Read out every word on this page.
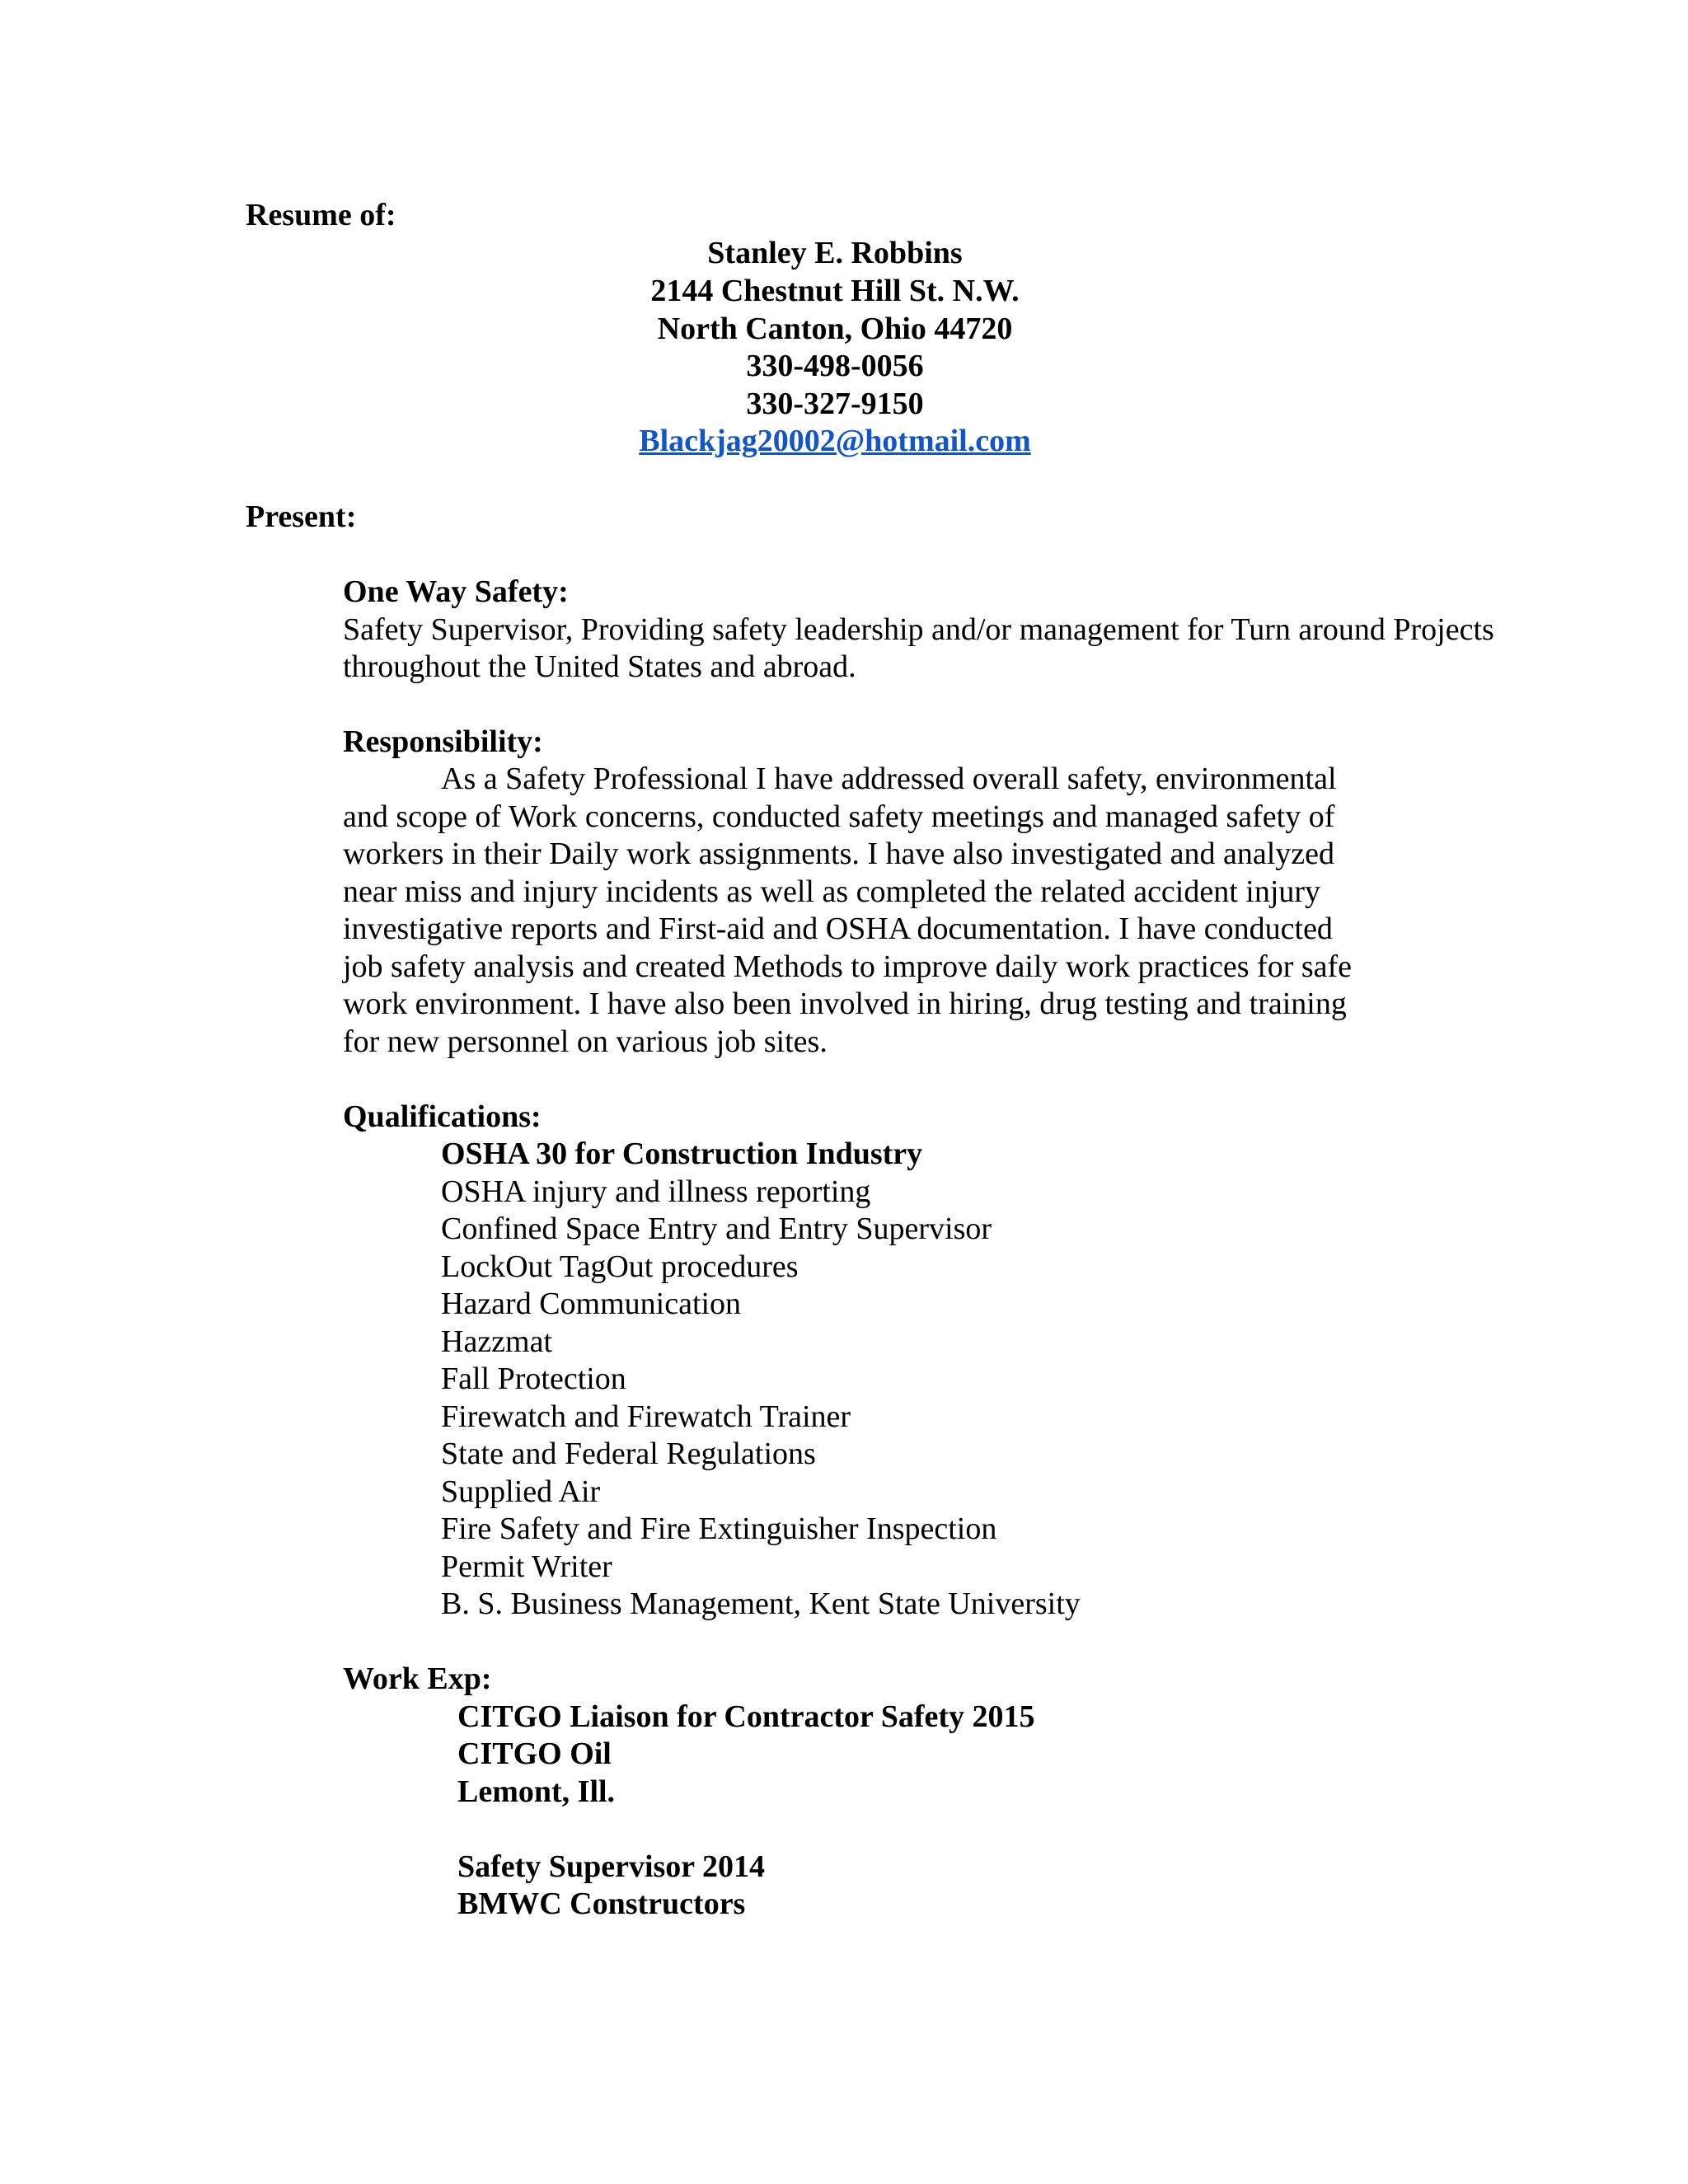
Resume of:
Stanley E. Robbins
2144 Chestnut Hill St. N.W.
North Canton, Ohio 44720
330-498-0056
330-327-9150
Blackjag20002@hotmail.com
Present:
One Way Safety:
Safety Supervisor, Providing safety leadership and/or management for Turn around Projects
throughout the United States and abroad.
Responsibility:
As a Safety Professional I have addressed overall safety, environmental
and scope of Work concerns, conducted safety meetings and managed safety of
workers in their Daily work assignments. I have also investigated and analyzed
near miss and injury incidents as well as completed the related accident injury
investigative reports and First-aid and OSHA documentation. I have conducted
job safety analysis and created Methods to improve daily work practices for safe
work environment. I have also been involved in hiring, drug testing and training
for new personnel on various job sites.
Qualifications:
OSHA 30 for Construction Industry
OSHA injury and illness reporting
Confined Space Entry and Entry Supervisor
LockOut TagOut procedures
Hazard Communication
Hazzmat
Fall Protection
Firewatch and Firewatch Trainer
State and Federal Regulations
Supplied Air
Fire Safety and Fire Extinguisher Inspection
Permit Writer
B. S. Business Management, Kent State University
Work Exp:
CITGO Liaison for Contractor Safety 2015
CITGO Oil
Lemont, Ill.
Safety Supervisor 2014
BMWC Constructors
